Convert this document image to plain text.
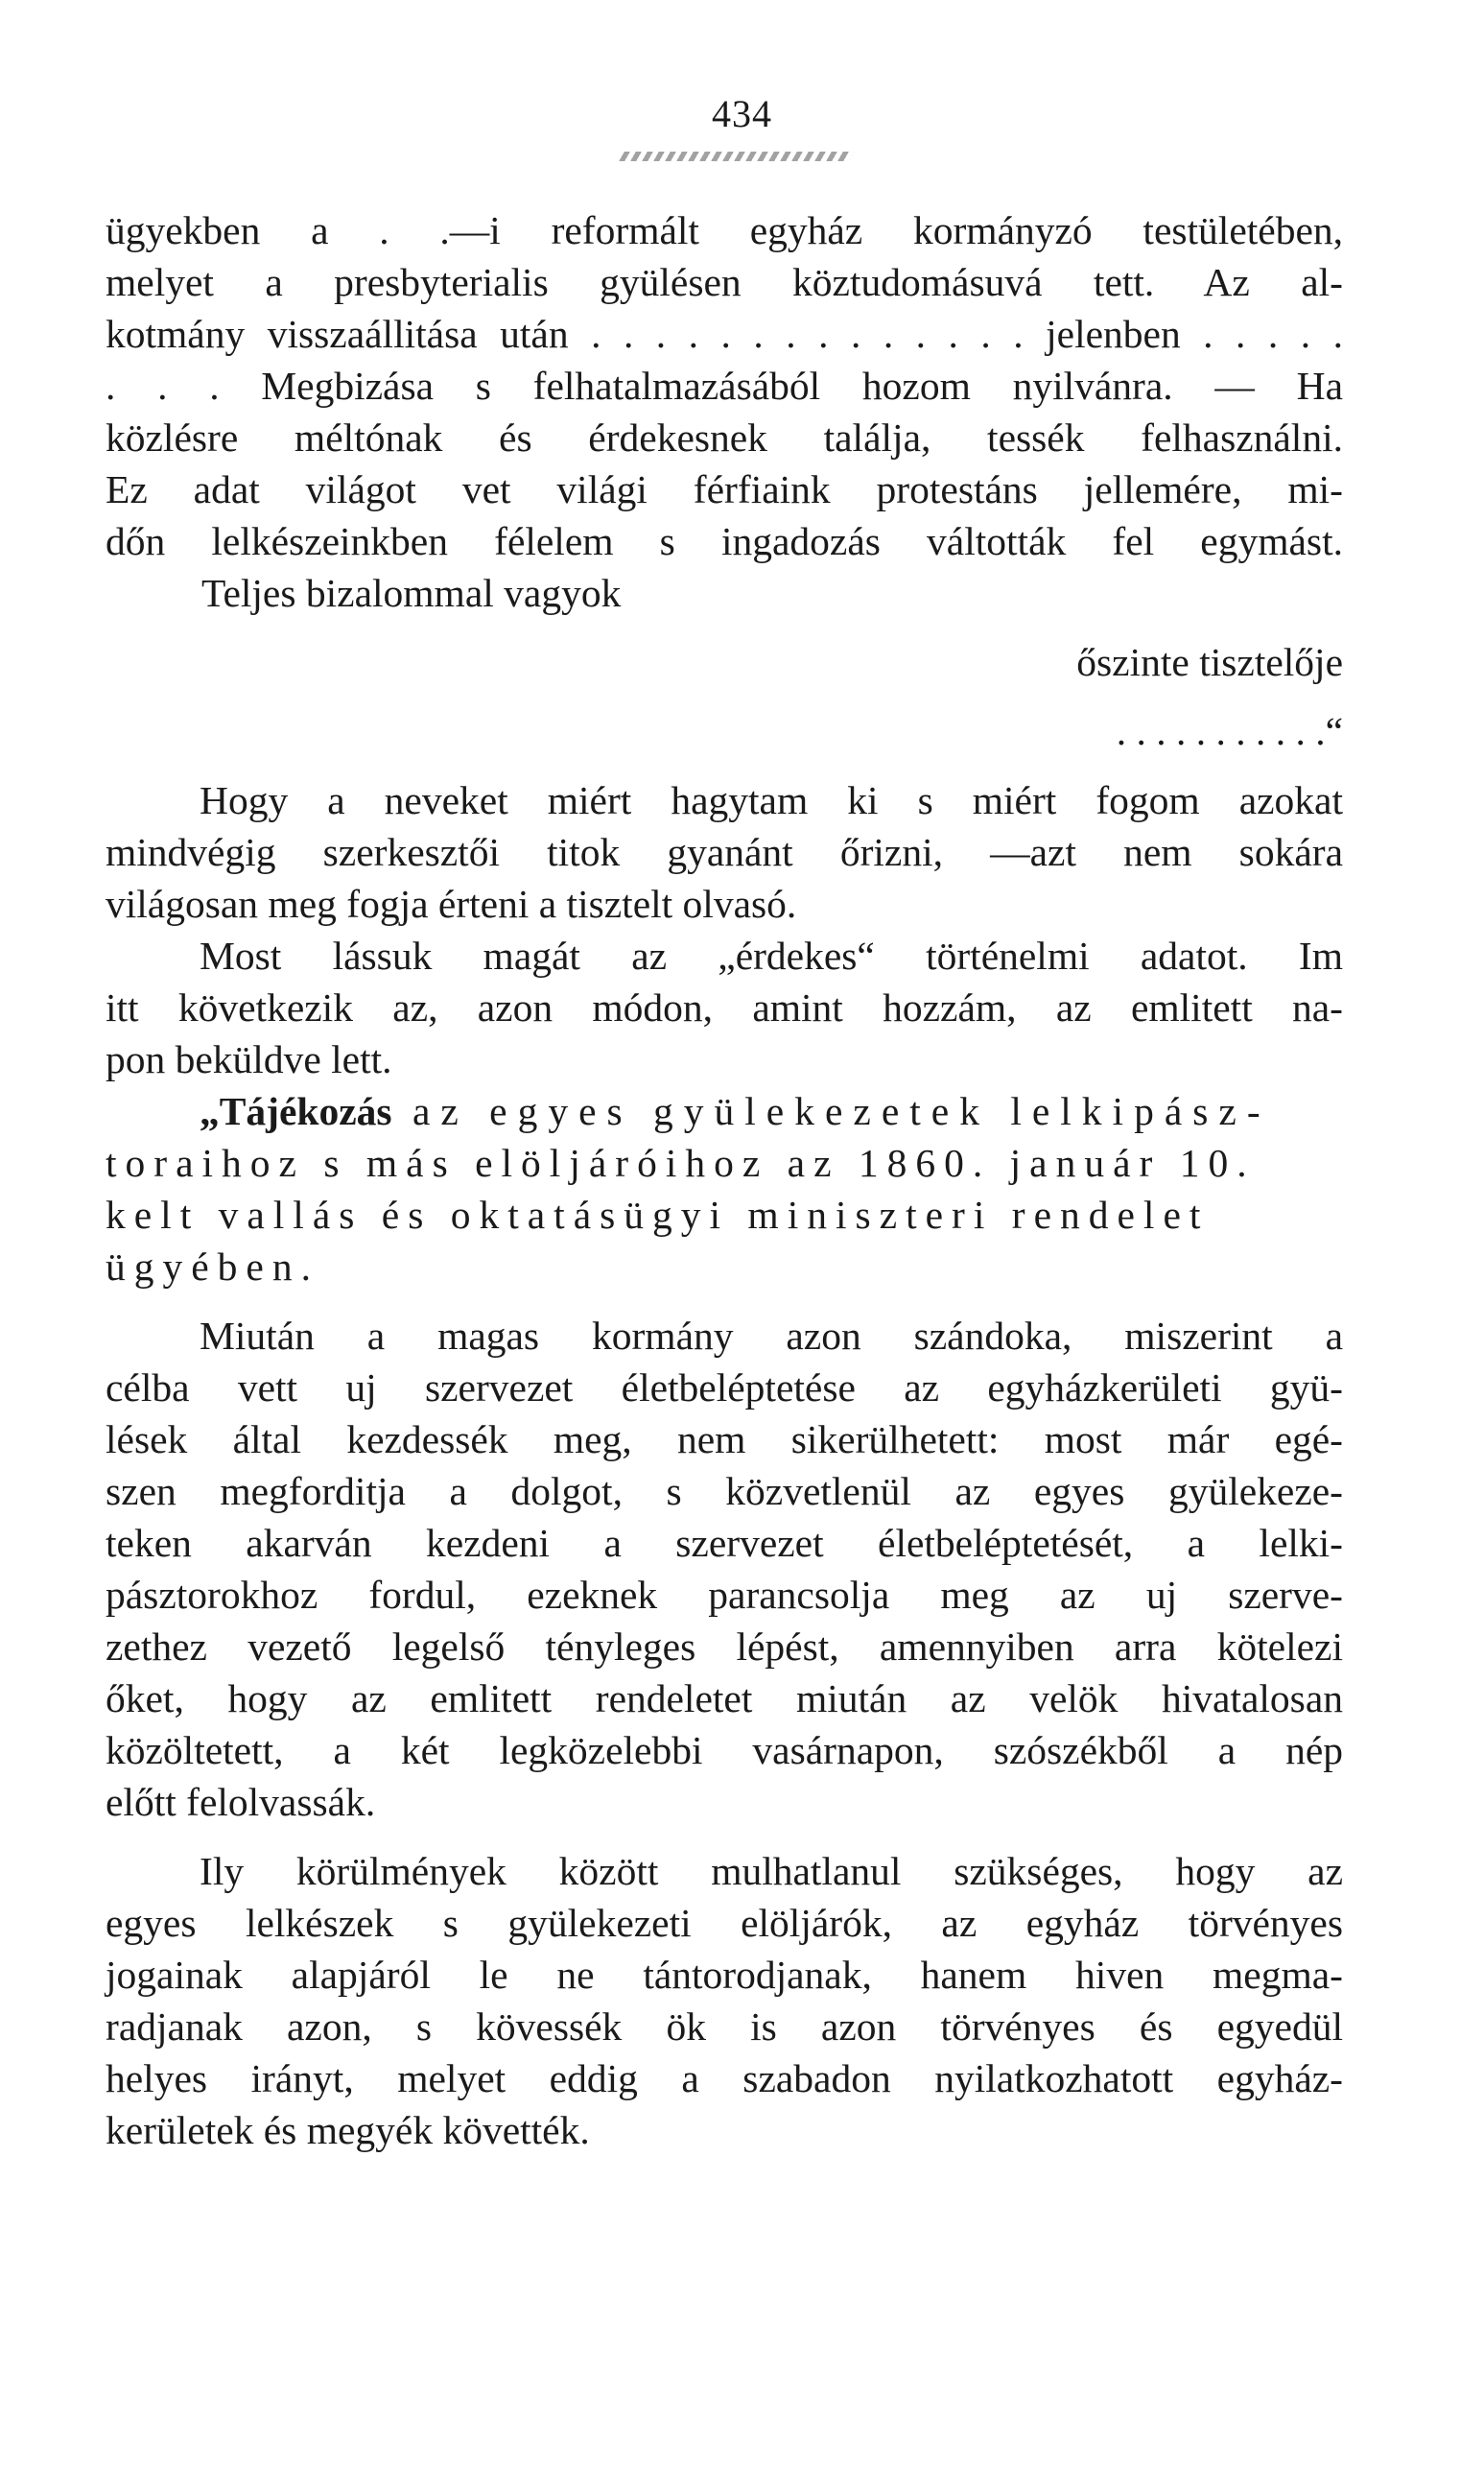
434
ügyekben a . .—i reformált egyház kormányzó testületében,
melyet a presbyterialis gyülésen köztudomásuvá tett. Az al-
kotmány visszaállitása után . . . . . . . . . . . . . . jelenben . . . . .
. . . Megbizása s felhatalmazásából hozom nyilvánra. — Ha
közlésre méltónak és érdekesnek találja, tessék felhasználni.
Ez adat világot vet világi férfiaink protestáns jellemére, mi-
dőn lelkészeinkben félelem s ingadozás váltották fel egymást.
Teljes bizalommal vagyok
őszinte tisztelője
. . . . . . . . . . .“
Hogy a neveket miért hagytam ki s miért fogom azokat
mindvégig szerkesztői titok gyanánt őrizni, —azt nem sokára
világosan meg fogja érteni a tisztelt olvasó.
Most lássuk magát az „érdekes“ történelmi adatot. Im
itt következik az, azon módon, amint hozzám, az emlitett na-
pon beküldve lett.
„Tájékozás az egyes gyülekezetek lelkipász-
toraihoz s más elöljáróihoz az 1860. január 10.
kelt vallás és oktatásügyi miniszteri rendelet
ügyében.
Miután a magas kormány azon szándoka, miszerint a
célba vett uj szervezet életbeléptetése az egyházkerületi gyü-
lések által kezdessék meg, nem sikerülhetett: most már egé-
szen megforditja a dolgot, s közvetlenül az egyes gyülekeze-
teken akarván kezdeni a szervezet életbeléptetését, a lelki-
pásztorokhoz fordul, ezeknek parancsolja meg az uj szerve-
zethez vezető legelső tényleges lépést, amennyiben arra kötelezi
őket, hogy az emlitett rendeletet miután az velök hivatalosan
közöltetett, a két legközelebbi vasárnapon, szószékből a nép
előtt felolvassák.
Ily körülmények között mulhatlanul szükséges, hogy az
egyes lelkészek s gyülekezeti elöljárók, az egyház törvényes
jogainak alapjáról le ne tántorodjanak, hanem hiven megma-
radjanak azon, s kövessék ök is azon törvényes és egyedül
helyes irányt, melyet eddig a szabadon nyilatkozhatott egyház-
kerületek és megyék követték.
